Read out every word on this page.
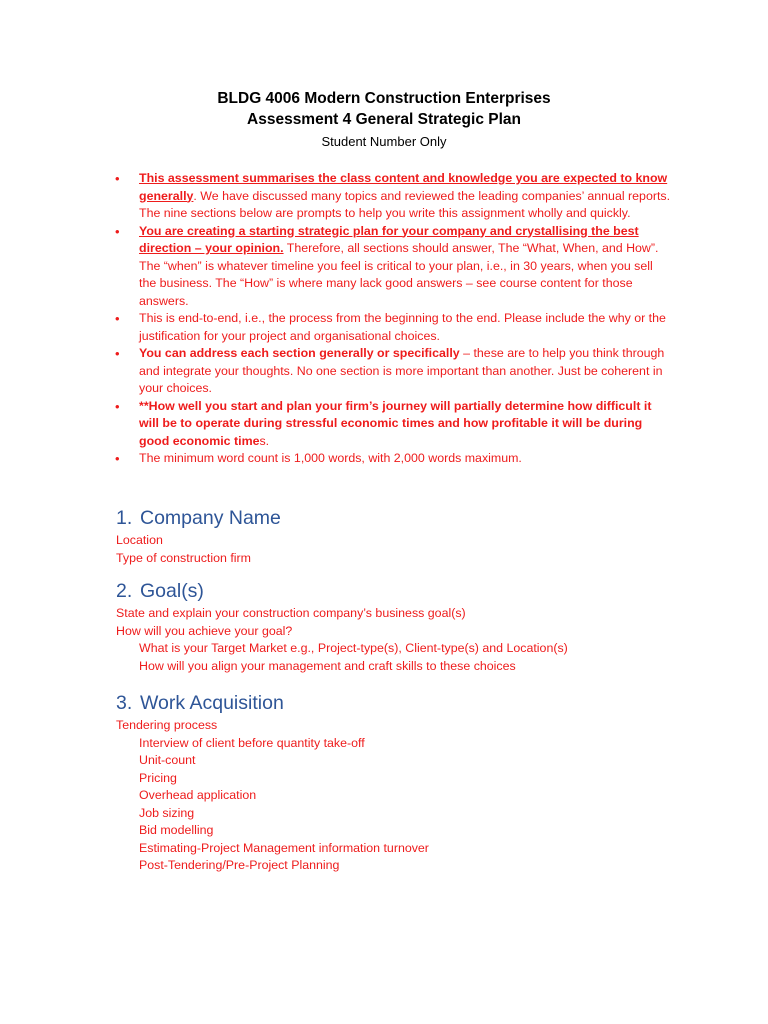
BLDG 4006 Modern Construction Enterprises

Assessment 4 General Strategic Plan

Student Number Only

• This assessment summarises the class content and knowledge you are expected to know generally. We have discussed many topics and reviewed the leading companies’ annual reports. The nine sections below are prompts to help you write this assignment wholly and quickly.
• You are creating a starting strategic plan for your company and crystallising the best direction – your opinion. Therefore, all sections should answer, The “What, When, and How”. The “when” is whatever timeline you feel is critical to your plan, i.e., in 30 years, when you sell the business. The “How” is where many lack good answers – see course content for those answers.
• This is end-to-end, i.e., the process from the beginning to the end. Please include the why or the justification for your project and organisational choices.
• You can address each section generally or specifically – these are to help you think through and integrate your thoughts. No one section is more important than another. Just be coherent in your choices.
• **How well you start and plan your firm’s journey will partially determine how difficult it will be to operate during stressful economic times and how profitable it will be during good economic times.
• The minimum word count is 1,000 words, with 2,000 words maximum.
1. Company Name
Location
Type of construction firm
2. Goal(s)
State and explain your construction company’s business goal(s)
How will you achieve your goal?
What is your Target Market e.g., Project-type(s), Client-type(s) and Location(s)
How will you align your management and craft skills to these choices
3. Work Acquisition
Tendering process
Interview of client before quantity take-off
Unit-count
Pricing
Overhead application
Job sizing
Bid modelling
Estimating-Project Management information turnover
Post-Tendering/Pre-Project Planning
